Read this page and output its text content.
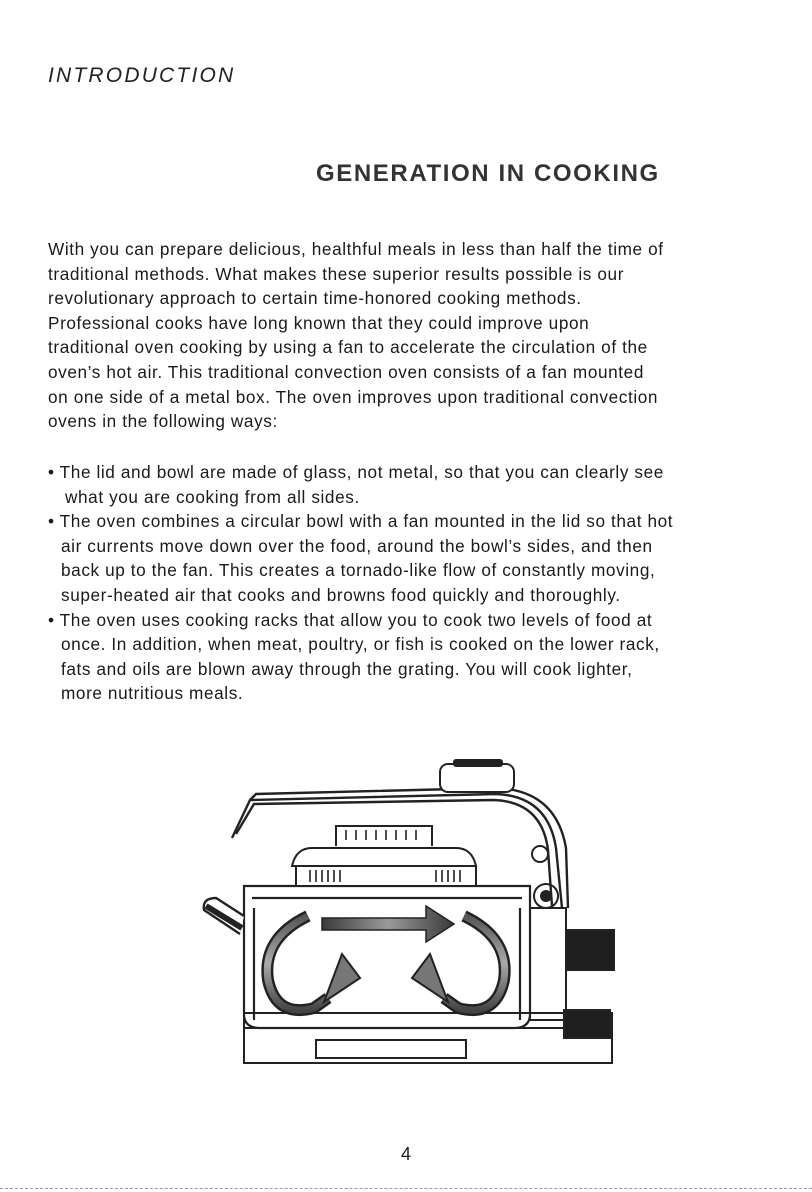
INTRODUCTION
GENERATION IN COOKING

With you can prepare delicious, healthful meals in less than half the time of
traditional methods. What makes these superior results possible is our
revolutionary approach to certain time-honored cooking methods.
Professional cooks have long known that they could improve upon
traditional oven cooking by using a fan to accelerate the circulation of the
oven’s hot air. This traditional convection oven consists of a fan mounted
on one side of a metal box. The oven improves upon traditional convection
ovens in the following ways:

• The lid and bowl are made of glass, not metal, so that you can clearly see
what you are cooking from all sides.
• The oven combines a circular bowl with a fan mounted in the lid so that hot
air currents move down over the food, around the bowl’s sides, and then
back up to the fan. This creates a tornado-like flow of constantly moving,
super-heated air that cooks and browns food quickly and thoroughly.
• The oven uses cooking racks that allow you to cook two levels of food at
once. In addition, when meat, poultry, or fish is cooked on the lower rack,
fats and oils are blown away through the grating. You will cook lighter,
more nutritious meals.
4
